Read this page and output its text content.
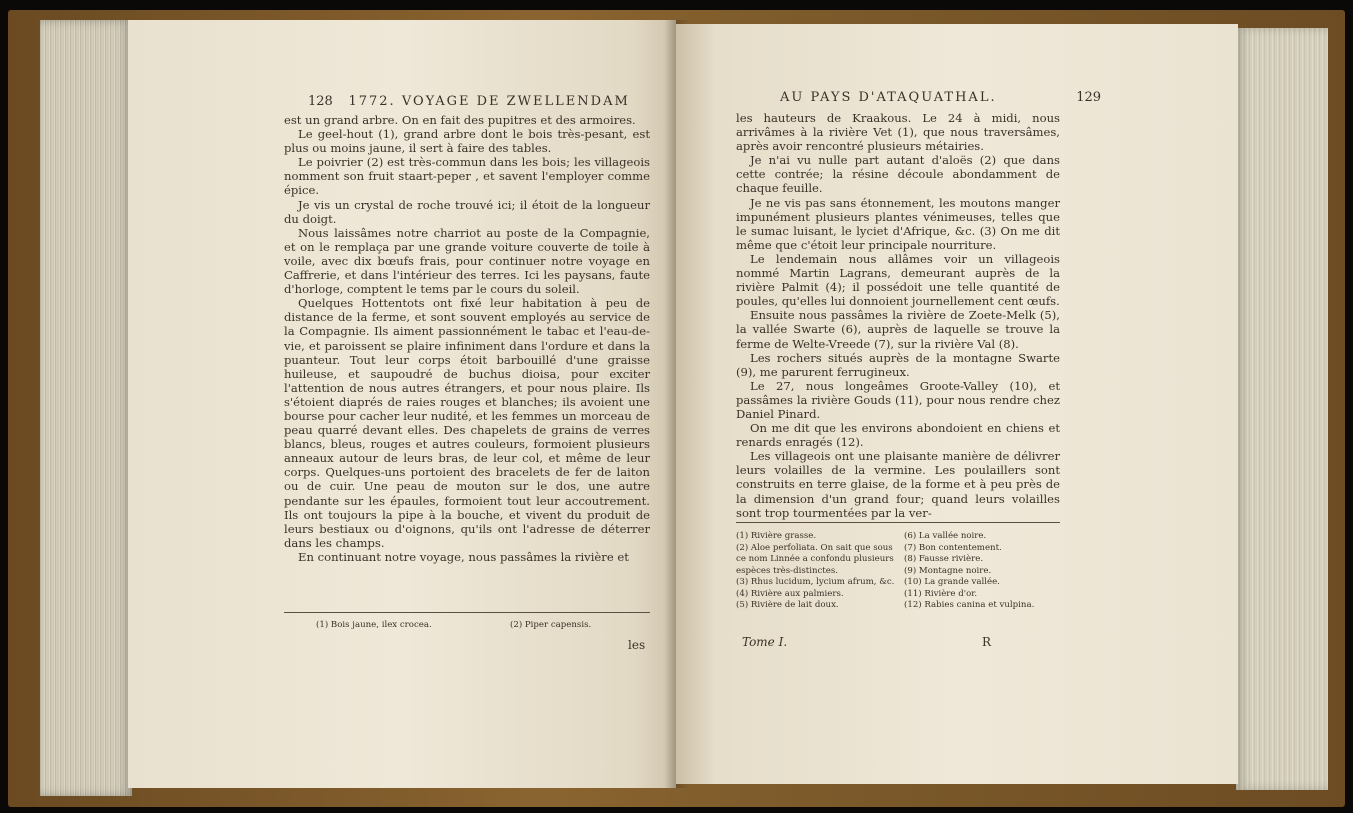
128 1772. VOYAGE DE ZWELLENDAM

est un grand arbre. On en fait des pupitres et des armoires.

Le geel-hout (1), grand arbre dont le bois très-pesant, est plus ou moins jaune, il sert à faire des tables.

Le poivrier (2) est très-commun dans les bois; les villageois nomment son fruit staart-peper , et savent l'employer comme épice.

Je vis un crystal de roche trouvé ici; il étoit de la longueur du doigt.

Nous laissâmes notre charriot au poste de la Compagnie, et on le remplaça par une grande voiture couverte de toile à voile, avec dix bœufs frais, pour continuer notre voyage en Caffrerie, et dans l'intérieur des terres. Ici les paysans, faute d'horloge, comptent le tems par le cours du soleil.

Quelques Hottentots ont fixé leur habitation à peu de distance de la ferme, et sont souvent employés au service de la Compagnie. Ils aiment passionnément le tabac et l'eau-de-vie, et paroissent se plaire infiniment dans l'ordure et dans la puanteur. Tout leur corps étoit barbouillé d'une graisse huileuse, et saupoudré de buchus dioisa, pour exciter l'attention de nous autres étrangers, et pour nous plaire. Ils s'étoient diaprés de raies rouges et blanches; ils avoient une bourse pour cacher leur nudité, et les femmes un morceau de peau quarré devant elles. Des chapelets de grains de verres blancs, bleus, rouges et autres couleurs, formoient plusieurs anneaux autour de leurs bras, de leur col, et même de leur corps. Quelques-uns portoient des bracelets de fer de laiton ou de cuir. Une peau de mouton sur le dos, une autre pendante sur les épaules, formoient tout leur accoutrement. Ils ont toujours la pipe à la bouche, et vivent du produit de leurs bestiaux ou d'oignons, qu'ils ont l'adresse de déterrer dans les champs.

En continuant notre voyage, nous passâmes la rivière et

(1) Bois jaune, ilex crocea.	(2) Piper capensis.
les
AU PAYS D'ATAQUATHAL.	129

les hauteurs de Kraakous. Le 24 à midi, nous arrivâmes à la rivière Vet (1), que nous traversâmes, après avoir rencontré plusieurs métairies.

Je n'ai vu nulle part autant d'aloës (2) que dans cette contrée; la résine découle abondamment de chaque feuille.

Je ne vis pas sans étonnement, les moutons manger impunément plusieurs plantes vénimeuses, telles que le sumac luisant, le lyciet d'Afrique, &c. (3) On me dit même que c'étoit leur principale nourriture.

Le lendemain nous allâmes voir un villageois nommé Martin Lagrans, demeurant auprès de la rivière Palmit (4); il possédoit une telle quantité de poules, qu'elles lui donnoient journellement cent œufs.

Ensuite nous passâmes la rivière de Zoete-Melk (5), la vallée Swarte (6), auprès de laquelle se trouve la ferme de Welte-Vreede (7), sur la rivière Val (8).

Les rochers situés auprès de la montagne Swarte (9), me parurent ferrugineux.

Le 27, nous longeâmes Groote-Valley (10), et passâmes la rivière Gouds (11), pour nous rendre chez Daniel Pinard.

On me dit que les environs abondoient en chiens et renards enragés (12).

Les villageois ont une plaisante manière de délivrer leurs volailles de la vermine. Les poulaillers sont construits en terre glaise, de la forme et à peu près de la dimension d'un grand four; quand leurs volailles sont trop tourmentées par la ver-

(1) Rivière grasse.
(2) Aloe perfoliata. On sait que sous ce nom Linnée a confondu plusieurs espèces très-distinctes.
(3) Rhus lucidum, lycium afrum, &c.
(4) Rivière aux palmiers.
(5) Rivière de lait doux.
(6) La vallée noire.
(7) Bon contentement.
(8) Fausse rivière.
(9) Montagne noire.
(10) La grande vallée.
(11) Rivière d'or.
(12) Rabies canina et vulpina.
Tome I.	R
